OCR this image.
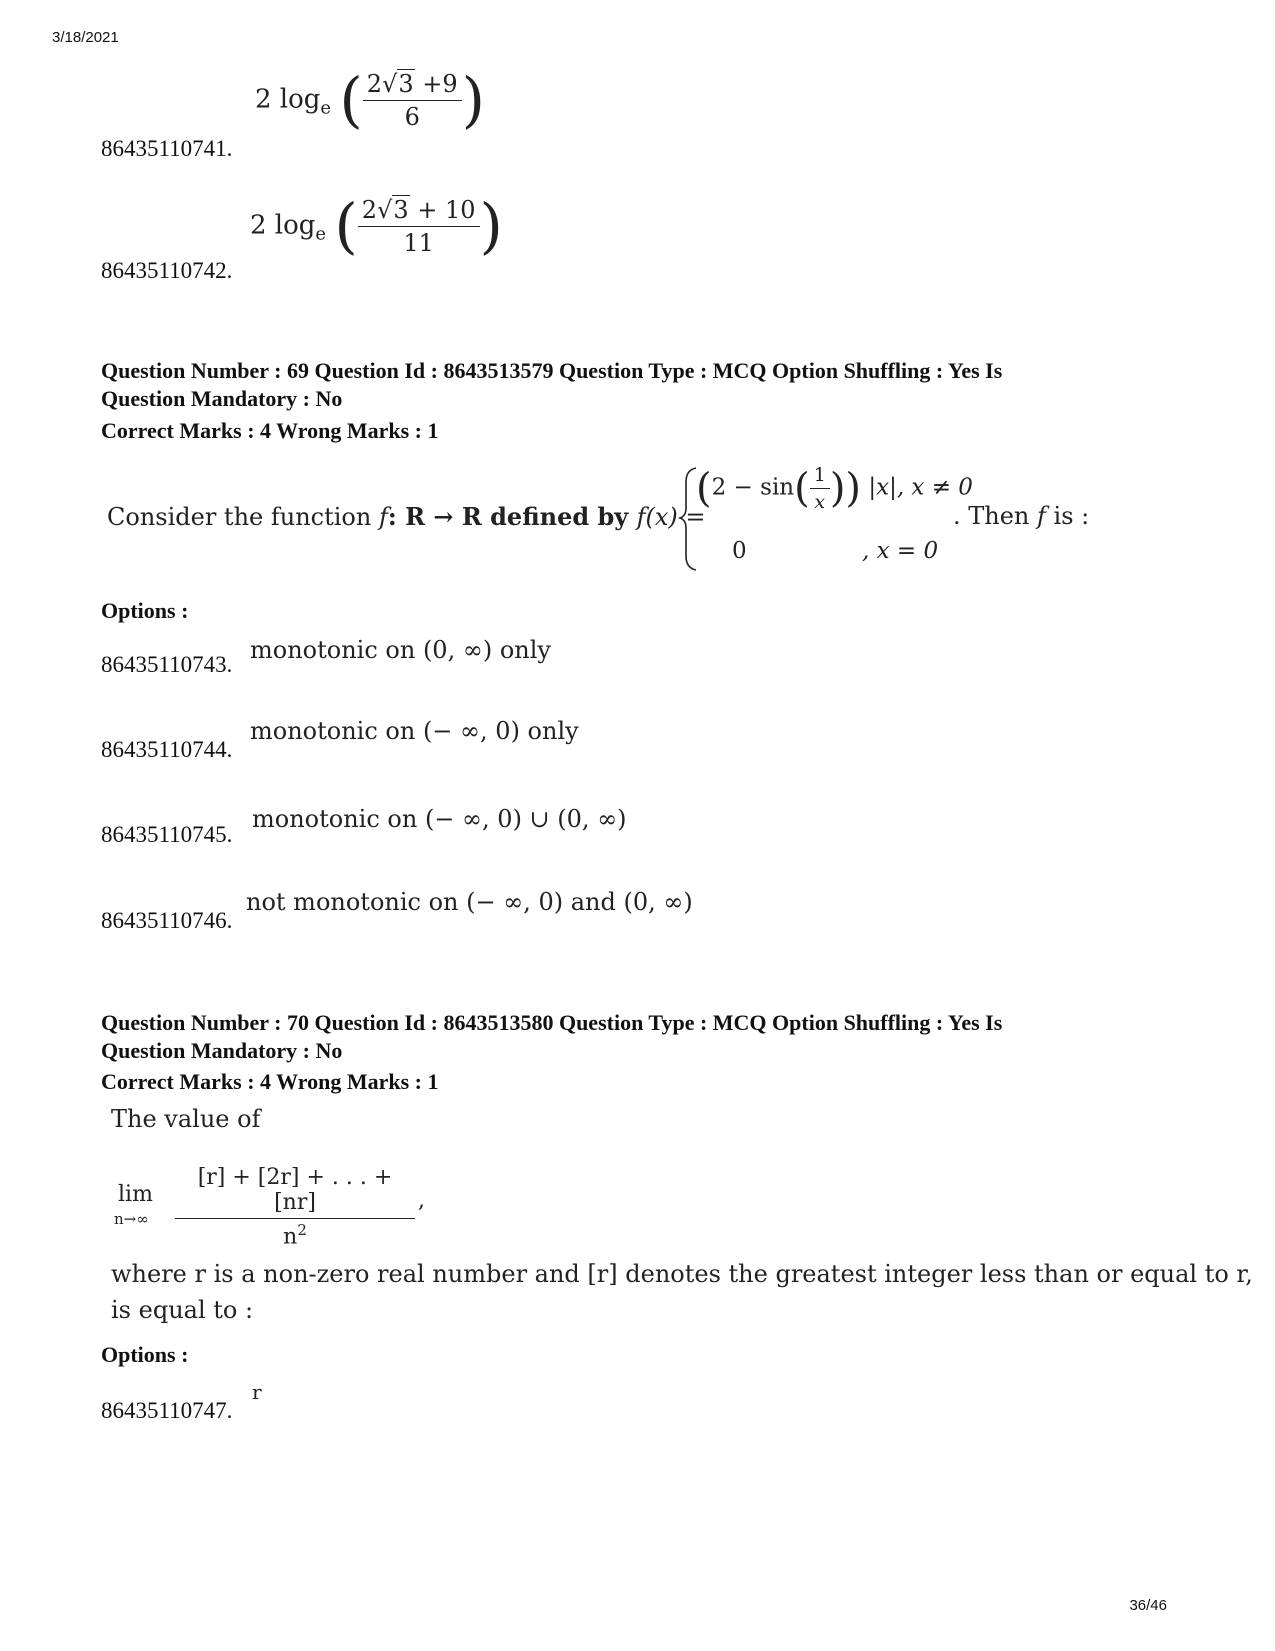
3/18/2021
36/46
86435110741.
2 $\log_e$ ( $\frac{2√3 +9}{6}$ )
86435110742.
2 $\log_e$ ( $\frac{2√3 + 10}{11}$ )
Question Number : 69 Question Id : 8643513579 Question Type : MCQ Option Shuffling : Yes Is
Question Mandatory : No
Correct Marks : 4 Wrong Marks : 1
Consider the function f: R → R defined by f(x) =
($2 - \sin( \frac{1}{x}$ )) |x|, x ≠ 0
0	, x = 0
. Then f is :
Options :
86435110743.
monotonic on (0, ∞) only
86435110744.
monotonic on (− ∞, 0) only
86435110745.
monotonic on (− ∞, 0) ∪ (0, ∞)
86435110746.
not monotonic on (− ∞, 0) and (0, ∞)
Question Number : 70 Question Id : 8643513580 Question Type : MCQ Option Shuffling : Yes Is
Question Mandatory : No
Correct Marks : 4 Wrong Marks : 1
The value of
lim
n→∞
[r] + [2r] + . . . + [nr]
$n^2$
,
where r is a non-zero real number and [r] denotes the greatest integer less than or equal to r,
is equal to :
Options :
86435110747.
r
